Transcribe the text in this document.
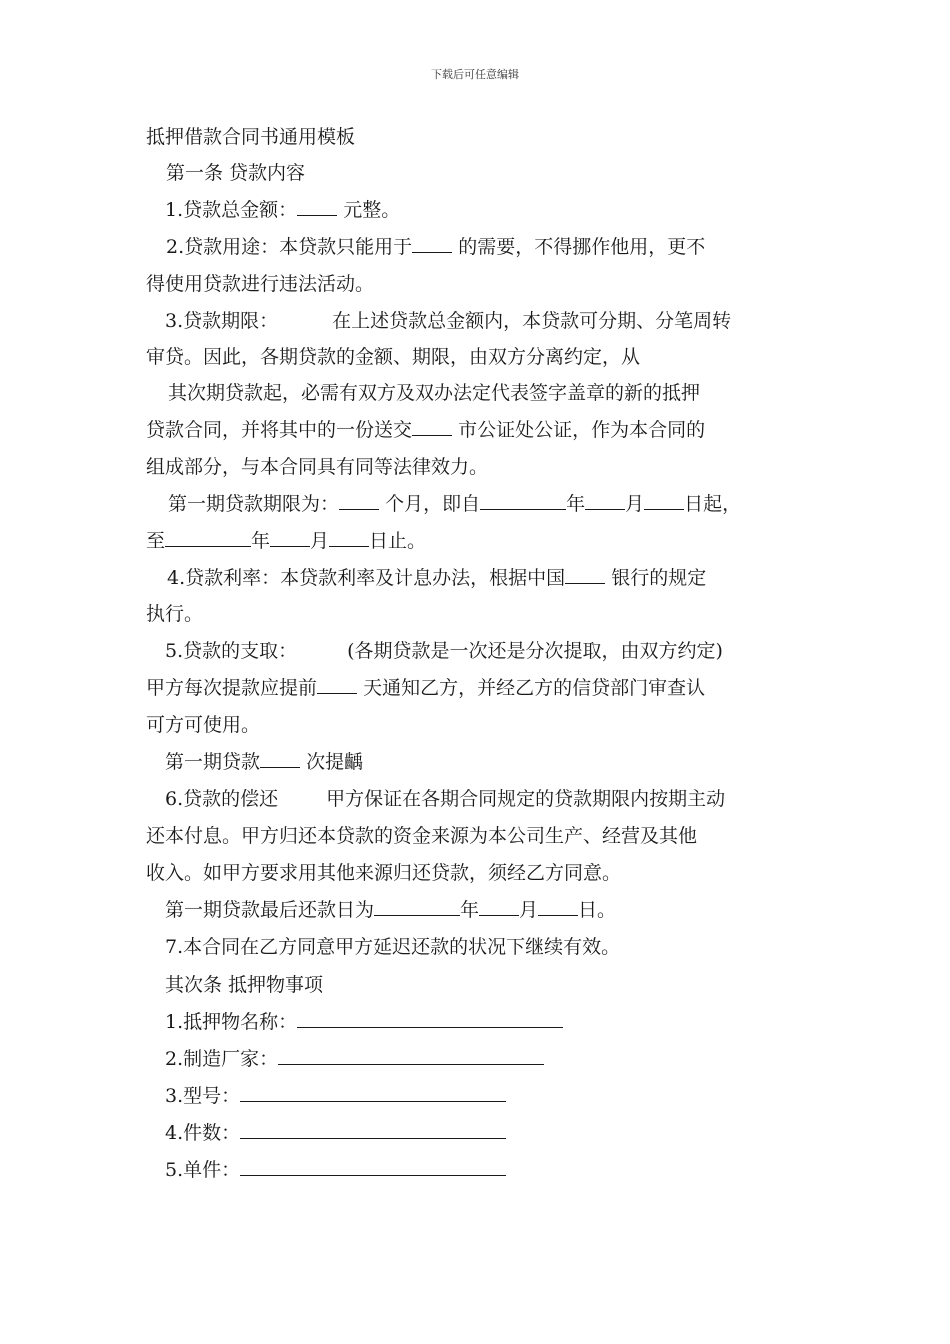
下载后可任意编辑
抵押借款合同书通用模板
第一条 贷款内容
1.贷款总金额： 元整。
2.贷款用途：本贷款只能用于 的需要，不得挪作他用，更不
得使用贷款进行违法活动。
3.贷款期限：	在上述贷款总金额内，本贷款可分期、分笔周转
审贷。因此，各期贷款的金额、期限，由双方分离约定，从
其次期贷款起，必需有双方及双办法定代表签字盖章的新的抵押
贷款合同，并将其中的一份送交 市公证处公证，作为本合同的
组成部分，与本合同具有同等法律效力。
第一期贷款期限为： 个月，即自	年 月 日起，
至	年 月 日止。
4.贷款利率：本贷款利率及计息办法，根据中国 银行的规定
执行。
5.贷款的支取：	(各期贷款是一次还是分次提取，由双方约定)
甲方每次提款应提前 天通知乙方，并经乙方的信贷部门审查认
可方可使用。
第一期贷款 次提齲
6.贷款的偿还	甲方保证在各期合同规定的贷款期限内按期主动
还本付息。甲方归还本贷款的资金来源为本公司生产、经营及其他
收入。如甲方要求用其他来源归还贷款，须经乙方同意。
第一期贷款最后还款日为	年 月 日。
7.本合同在乙方同意甲方延迟还款的状况下继续有效。
其次条 抵押物事项
1.抵押物名称：
2.制造厂家：
3.型号：
4.件数：
5.单件：
